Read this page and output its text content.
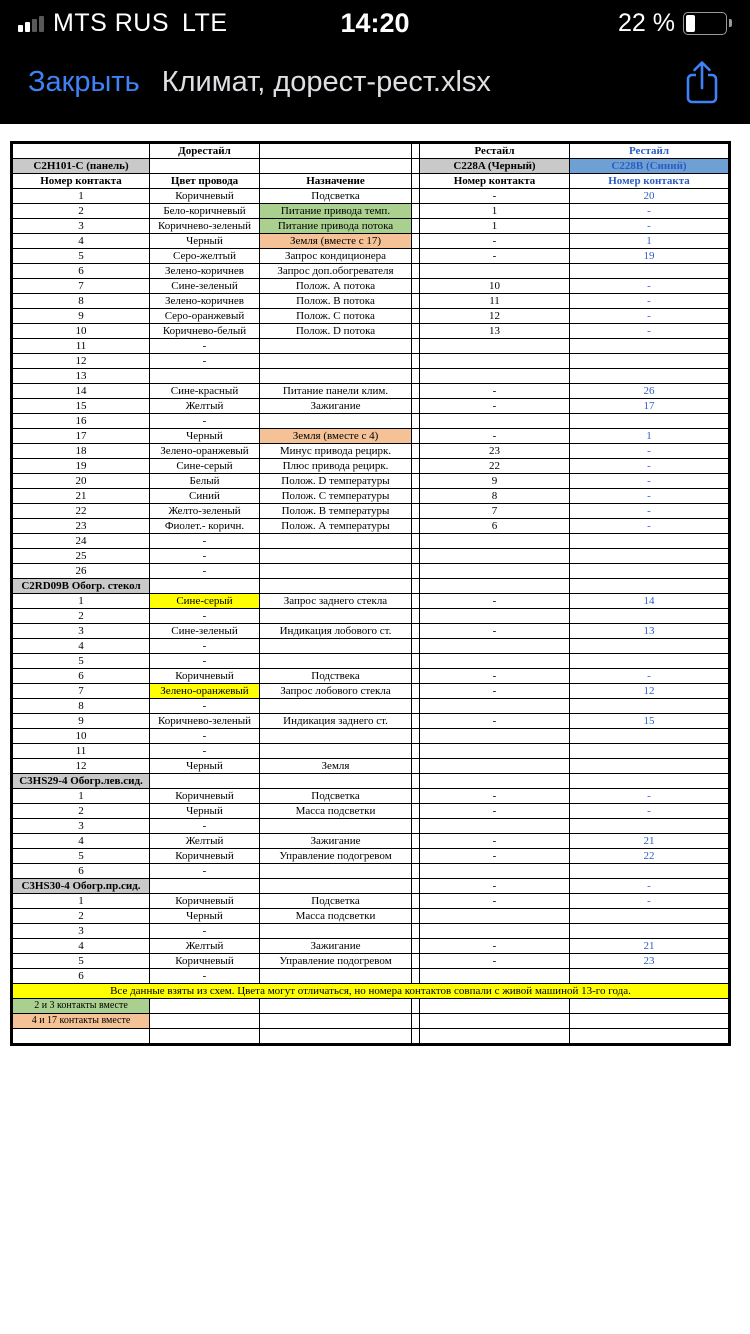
MTS RUS LTE	14:20	22 %
Закрыть Климат, дорест-рест.xlsx
	Дорестайл			Рестайл	Рестайл
C2H101-C (панель)				C228A (Черный)	C228B (Синий)
Номер контакта	Цвет провода	Назначение		Номер контакта	Номер контакта
1	Коричневый	Подсветка		-	20
2	Бело-коричневый	Питание привода темп.		1	-
3	Коричнево-зеленый	Питание привода потока		1	-
4	Черный	Земля (вместе с 17)		-	1
5	Серо-желтый	Запрос кондиционера		-	19
6	Зелено-коричнев	Запрос доп.обогревателя			
7	Сине-зеленый	Полож. А потока		10	-
8	Зелено-коричнев	Полож. В потока		11	-
9	Серо-оранжевый	Полож. С потока		12	-
10	Коричнево-белый	Полож. D потока		13	-
11	-				
12	-				
13					
14	Сине-красный	Питание панели клим.		-	26
15	Желтый	Зажигание		-	17
16	-				
17	Черный	Земля (вместе с 4)		-	1
18	Зелено-оранжевый	Минус привода рецирк.		23	-
19	Сине-серый	Плюс привода рецирк.		22	-
20	Белый	Полож. D температуры		9	-
21	Синий	Полож. С температуры		8	-
22	Желто-зеленый	Полож. В температуры		7	-
23	Фиолет.- коричн.	Полож. А температуры		6	-
24	-				
25	-				
26	-				
C2RD09B Обогр. стекол					
1	Сине-серый	Запрос заднего стекла		-	14
2	-				
3	Сине-зеленый	Индикация лобового ст.		-	13
4	-				
5	-				
6	Коричневый	Подствека		-	-
7	Зелено-оранжевый	Запрос лобового стекла		-	12
8	-				
9	Коричнево-зеленый	Индикация заднего ст.		-	15
10	-				
11	-				
12	Черный	Земля			
C3HS29-4 Обогр.лев.сид.					
1	Коричневый	Подсветка		-	-
2	Черный	Масса подсветки		-	-
3	-				
4	Желтый	Зажигание		-	21
5	Коричневый	Управление подогревом		-	22
6	-				
C3HS30-4 Обогр.пр.сид.				-	-
1	Коричневый	Подсветка		-	-
2	Черный	Масса подсветки			
3	-				
4	Желтый	Зажигание		-	21
5	Коричневый	Управление подогревом		-	23
6	-				
Все данные взяты из схем. Цвета могут отличаться, но номера контактов совпали с живой машиной 13-го года.					
2 и 3 контакты вместе					
4 и 17 контакты вместе					
